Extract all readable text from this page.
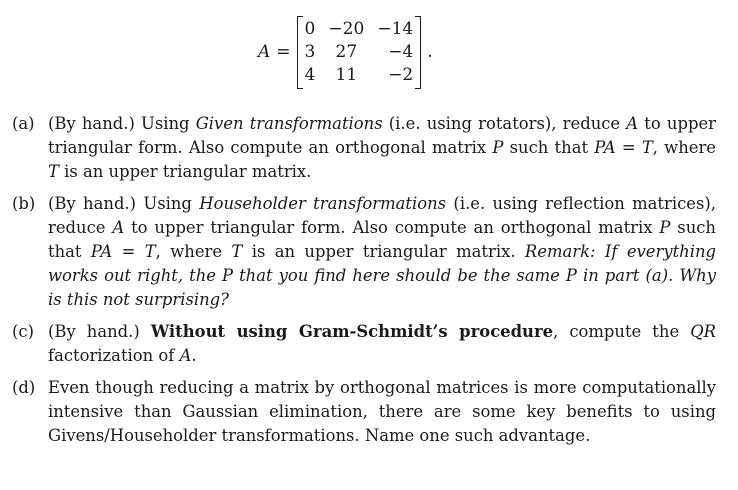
A =
0	−20	−14
3	27	−4
4	11	−2
.
(a) (By hand.) Using Given transformations (i.e. using rotators), reduce A to upper triangular form. Also compute an orthogonal matrix P such that PA = T, where T is an upper triangular matrix.
(b) (By hand.) Using Householder transformations (i.e. using reflection matrices), reduce A to upper triangular form. Also compute an orthogonal matrix P such that PA = T, where T is an upper triangular matrix. Remark: If everything works out right, the P that you find here should be the same P in part (a). Why is this not surprising?
(c) (By hand.) Without using Gram-Schmidt’s procedure, compute the QR factorization of A.
(d) Even though reducing a matrix by orthogonal matrices is more computationally intensive than Gaussian elimination, there are some key benefits to using Givens/Householder transformations. Name one such advantage.
